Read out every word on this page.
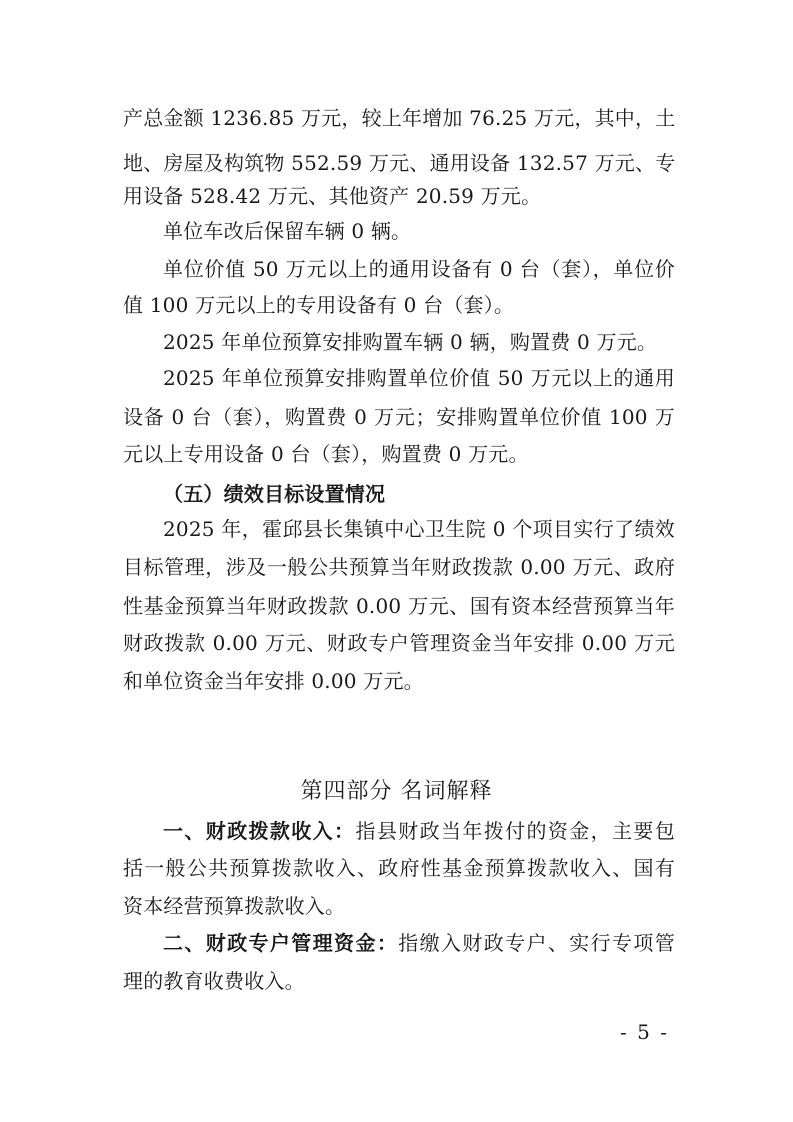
产总金额 1236.85 万元，较上年增加 76.25 万元，其中，土
地、房屋及构筑物 552.59 万元、通用设备 132.57 万元、专
用设备 528.42 万元、其他资产 20.59 万元。
单位车改后保留车辆 0 辆。
单位价值 50 万元以上的通用设备有 0 台（套），单位价
值 100 万元以上的专用设备有 0 台（套）。
2025 年单位预算安排购置车辆 0 辆，购置费 0 万元。
2025 年单位预算安排购置单位价值 50 万元以上的通用
设备 0 台（套），购置费 0 万元；安排购置单位价值 100 万
元以上专用设备 0 台（套），购置费 0 万元。
（五）绩效目标设置情况
2025 年，霍邱县长集镇中心卫生院 0 个项目实行了绩效
目标管理，涉及一般公共预算当年财政拨款 0.00 万元、政府
性基金预算当年财政拨款 0.00 万元、国有资本经营预算当年
财政拨款 0.00 万元、财政专户管理资金当年安排 0.00 万元
和单位资金当年安排 0.00 万元。
第四部分 名词解释
一、财政拨款收入：指县财政当年拨付的资金，主要包
括一般公共预算拨款收入、政府性基金预算拨款收入、国有
资本经营预算拨款收入。
二、财政专户管理资金：指缴入财政专户、实行专项管
理的教育收费收入。
- 5 -
